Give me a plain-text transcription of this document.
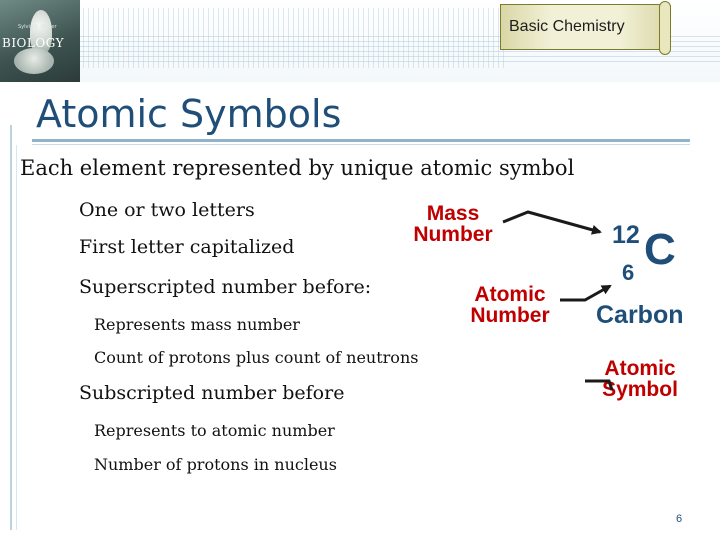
Sylvia S. Mader
BIOLOGY
Basic Chemistry
Atomic Symbols
Each element represented by unique atomic symbol
One or two letters
First letter capitalized
Superscripted number before:
Represents mass number
Count of protons plus count of neutrons
Subscripted number before
Represents to atomic number
Number of protons in nucleus
Mass
Number
Atomic
Number
12
6 C
Carbon
Atomic
Symbol
6
